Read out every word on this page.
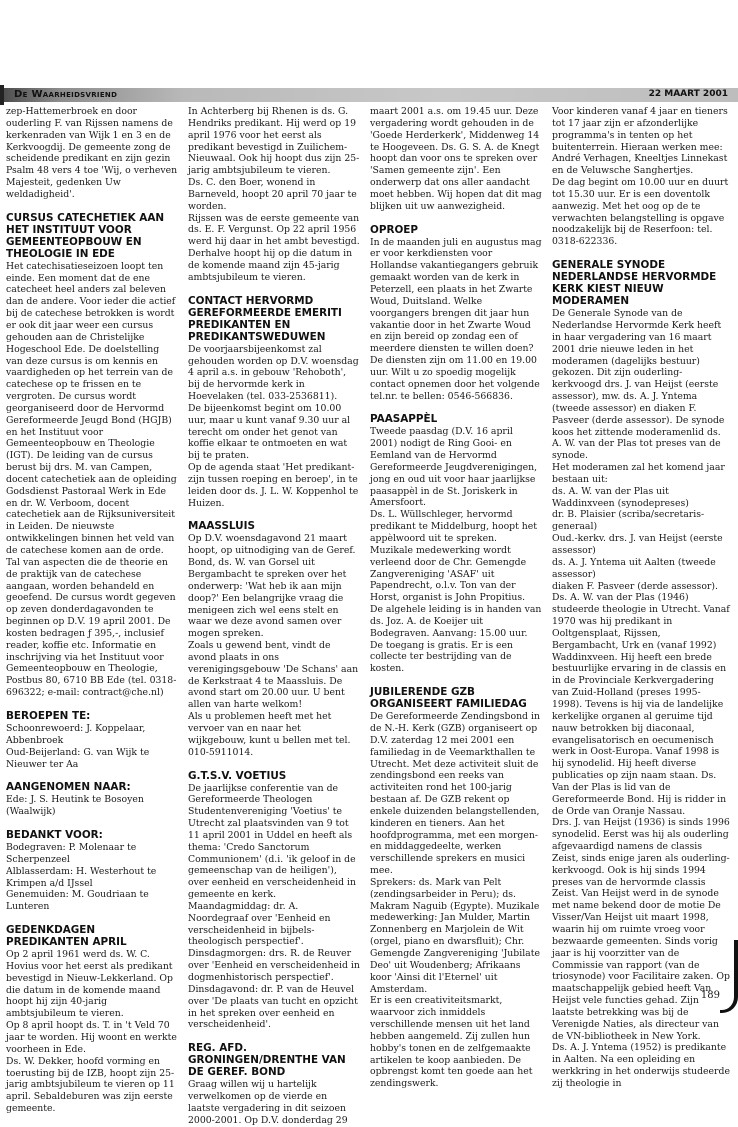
De Waarheidsvriend	22 MAART 2001

zep-Hattemerbroek en door ouderling F. van Rijssen namens de kerkenraden van Wijk 1 en 3 en de Kerkvoogdij. De gemeente zong de scheidende predikant en zijn gezin Psalm 48 vers 4 toe 'Wij, o verheven Majesteit, gedenken Uw weldadigheid'.

CURSUS CATECHETIEK AAN HET INSTITUUT VOOR GEMEENTEOPBOUW EN THEOLOGIE IN EDE

Het catechisatieseizoen loopt ten einde. Een moment dat de ene catecheet heel anders zal beleven dan de andere. Voor ieder die actief bij de catechese betrokken is wordt er ook dit jaar weer een cursus gehouden aan de Christelijke Hogeschool Ede. De doelstelling van deze cursus is om kennis en vaardigheden op het terrein van de catechese op te frissen en te vergroten. De cursus wordt georganiseerd door de Hervormd Gereformeerde Jeugd Bond (HGJB) en het Instituut voor Gemeenteopbouw en Theologie (IGT). De leiding van de cursus berust bij drs. M. van Campen, docent catechetiek aan de opleiding Godsdienst Pastoraal Werk in Ede en dr. W. Verboom, docent catechetiek aan de Rijksuniversiteit in Leiden. De nieuwste ontwikkelingen binnen het veld van de catechese komen aan de orde. Tal van aspecten die de theorie en de praktijk van de catechese aangaan, worden behandeld en geoefend. De cursus wordt gegeven op zeven donderdagavonden te beginnen op D.V. 19 april 2001. De kosten bedragen ƒ 395,-, inclusief reader, koffie etc. Informatie en inschrijving via het Instituut voor Gemeenteopbouw en Theologie, Postbus 80, 6710 BB Ede (tel. 0318-696322; e-mail: contract@che.nl)

BEROEPEN TE:

Schoonrewoerd: J. Koppelaar, Abbenbroek

Oud-Beijerland: G. van Wijk te Nieuwer ter Aa

AANGENOMEN NAAR:

Ede: J. S. Heutink te Bosoyen (Waalwijk)

BEDANKT VOOR:

Bodegraven: P. Molenaar te Scherpenzeel

Alblasserdam: H. Westerhout te Krimpen a/d IJssel

Genemuiden: M. Goudriaan te Lunteren

GEDENKDAGEN PREDIKANTEN APRIL

Op 2 april 1961 werd ds. W. C. Hovius voor het eerst als predikant bevestigd in Nieuw-Lekkerland. Op die datum in de komende maand hoopt hij zijn 40-jarig ambtsjubileum te vieren.

Op 8 april hoopt ds. T. in 't Veld 70 jaar te worden. Hij woont en werkte voorheen in Ede.

Ds. W. Dekker, hoofd vorming en toerusting bij de IZB, hoopt zijn 25-jarig ambtsjubileum te vieren op 11 april. Sebaldeburen was zijn eerste gemeente.

In Achterberg bij Rhenen is ds. G. Hendriks predikant. Hij werd op 19 april 1976 voor het eerst als predikant bevestigd in Zuilichem-Nieuwaal. Ook hij hoopt dus zijn 25-jarig ambtsjubileum te vieren.

Ds. C. den Boer, wonend in Barneveld, hoopt 20 april 70 jaar te worden.

Rijssen was de eerste gemeente van ds. E. F. Vergunst. Op 22 april 1956 werd hij daar in het ambt bevestigd. Derhalve hoopt hij op die datum in de komende maand zijn 45-jarig ambtsjubileum te vieren.

CONTACT HERVORMD GEREFORMEERDE EMERITI PREDIKANTEN EN PREDIKANTSWEDUWEN

De voorjaarsbijeenkomst zal gehouden worden op D.V. woensdag 4 april a.s. in gebouw 'Rehoboth', bij de hervormde kerk in Hoevelaken (tel. 033-2536811).

De bijeenkomst begint om 10.00 uur, maar u kunt vanaf 9.30 uur al terecht om onder het genot van koffie elkaar te ontmoeten en wat bij te praten.

Op de agenda staat 'Het predikant-zijn tussen roeping en beroep', in te leiden door ds. J. L. W. Koppenhol te Huizen.

MAASSLUIS

Op D.V. woensdagavond 21 maart hoopt, op uitnodiging van de Geref. Bond, ds. W. van Gorsel uit Bergambacht te spreken over het onderwerp: 'Wat heb ik aan mijn doop?' Een belangrijke vraag die menigeen zich wel eens stelt en waar we deze avond samen over mogen spreken.

Zoals u gewend bent, vindt de avond plaats in ons verenigingsgebouw 'De Schans' aan de Kerkstraat 4 te Maassluis. De avond start om 20.00 uur. U bent allen van harte welkom!

Als u problemen heeft met het vervoer van en naar het wijkgebouw, kunt u bellen met tel. 010-5911014.

G.T.S.V. VOETIUS

De jaarlijkse conferentie van de Gereformeerde Theologen Studentenvereniging 'Voetius' te Utrecht zal plaatsvinden van 9 tot 11 april 2001 in Uddel en heeft als thema: 'Credo Sanctorum Communionem' (d.i. 'ik geloof in de gemeenschap van de heiligen'), over eenheid en verscheidenheid in gemeente en kerk.

Maandagmiddag: dr. A. Noordegraaf over 'Eenheid en verscheidenheid in bijbels-theologisch perspectief'. Dinsdagmorgen: drs. R. de Reuver over 'Eenheid en verscheidenheid in dogmenhistorisch perspectief'. Dinsdagavond: dr. P. van de Heuvel over 'De plaats van tucht en opzicht in het spreken over eenheid en verscheidenheid'.

REG. AFD. GRONINGEN/DRENTHE VAN DE GEREF. BOND

Graag willen wij u hartelijk verwelkomen op de vierde en laatste vergadering in dit seizoen 2000-2001. Op D.V. donderdag 29

maart 2001 a.s. om 19.45 uur. Deze vergadering wordt gehouden in de 'Goede Herderkerk', Middenweg 14 te Hoogeveen. Ds. G. S. A. de Knegt hoopt dan voor ons te spreken over 'Samen gemeente zijn'. Een onderwerp dat ons aller aandacht moet hebben. Wij hopen dat dit mag blijken uit uw aanwezigheid.

OPROEP

In de maanden juli en augustus mag er voor kerkdiensten voor Hollandse vakantiegangers gebruik gemaakt worden van de kerk in Peterzell, een plaats in het Zwarte Woud, Duitsland. Welke voorgangers brengen dit jaar hun vakantie door in het Zwarte Woud en zijn bereid op zondag een of meerdere diensten te willen doen? De diensten zijn om 11.00 en 19.00 uur. Wilt u zo spoedig mogelijk contact opnemen door het volgende tel.nr. te bellen: 0546-566836.

PAASAPPÈL

Tweede paasdag (D.V. 16 april 2001) nodigt de Ring Gooi- en Eemland van de Hervormd Gereformeerde Jeugdverenigingen, jong en oud uit voor haar jaarlijkse paasappèl in de St. Joriskerk in Amersfoort.

Ds. L. Wüllschleger, hervormd predikant te Middelburg, hoopt het appèlwoord uit te spreken.

Muzikale medewerking wordt verleend door de Chr. Gemengde Zangvereniging 'ASAF' uit Papendrecht, o.l.v. Ton van der Horst, organist is John Propitius.

De algehele leiding is in handen van ds. Joz. A. de Koeijer uit Bodegraven. Aanvang: 15.00 uur.

De toegang is gratis. Er is een collecte ter bestrijding van de kosten.

JUBILERENDE GZB ORGANISEERT FAMILIEDAG

De Gereformeerde Zendingsbond in de N.-H. Kerk (GZB) organiseert op D.V. zaterdag 12 mei 2001 een familiedag in de Veemarkthallen te Utrecht. Met deze activiteit sluit de zendingsbond een reeks van activiteiten rond het 100-jarig bestaan af. De GZB rekent op enkele duizenden belangstellenden, kinderen en tieners. Aan het hoofdprogramma, met een morgen- en middaggedeelte, werken verschillende sprekers en musici mee.

Sprekers: ds. Mark van Pelt (zendingsarbeider in Peru); ds. Makram Naguib (Egypte). Muzikale medewerking: Jan Mulder, Martin Zonnenberg en Marjolein de Wit (orgel, piano en dwarsfluit); Chr. Gemengde Zangvereniging 'Jubilate Deo' uit Woudenberg; Afrikaans koor 'Ainsi dit l'Eternel' uit Amsterdam.

Er is een creativiteitsmarkt, waarvoor zich inmiddels verschillende mensen uit het land hebben aangemeld. Zij zullen hun hobby's tonen en de zelfgemaakte artikelen te koop aanbieden. De opbrengst komt ten goede aan het zendingswerk.

Voor kinderen vanaf 4 jaar en tieners tot 17 jaar zijn er afzonderlijke programma's in tenten op het buitenterrein. Hieraan werken mee: André Verhagen, Kneeltjes Linnekast en de Veluwsche Sanghertjes.

De dag begint om 10.00 uur en duurt tot 15.30 uur. Er is een doventolk aanwezig. Met het oog op de te verwachten belangstelling is opgave noodzakelijk bij de Reserfoon: tel. 0318-622336.

GENERALE SYNODE NEDERLANDSE HERVORMDE KERK KIEST NIEUW MODERAMEN

De Generale Synode van de Nederlandse Hervormde Kerk heeft in haar vergadering van 16 maart 2001 drie nieuwe leden in het moderamen (dagelijks bestuur) gekozen. Dit zijn ouderling-kerkvoogd drs. J. van Heijst (eerste assessor), mw. ds. A. J. Yntema (tweede assessor) en diaken F. Pasveer (derde assessor). De synode koos het zittende moderamenlid ds. A. W. van der Plas tot preses van de synode.

Het moderamen zal het komend jaar bestaan uit:

ds. A. W. van der Plas uit Waddinxveen (synodepreses)

dr. B. Plaisier (scriba/secretaris-generaal)

Oud.-kerkv. drs. J. van Heijst (eerste assessor)

ds. A. J. Yntema uit Aalten (tweede assessor)

diaken F. Pasveer (derde assessor).

Ds. A. W. van der Plas (1946) studeerde theologie in Utrecht. Vanaf 1970 was hij predikant in Ooltgensplaat, Rijssen, Bergambacht, Urk en (vanaf 1992) Waddinxveen. Hij heeft een brede bestuurlijke ervaring in de classis en in de Provinciale Kerkvergadering van Zuid-Holland (preses 1995-1998). Tevens is hij via de landelijke kerkelijke organen al geruime tijd nauw betrokken bij diaconaal, evangelisatorisch en oecumenisch werk in Oost-Europa. Vanaf 1998 is hij synodelid. Hij heeft diverse publicaties op zijn naam staan. Ds. Van der Plas is lid van de Gereformeerde Bond. Hij is ridder in de Orde van Oranje Nassau.

Drs. J. van Heijst (1936) is sinds 1996 synodelid. Eerst was hij als ouderling afgevaardigd namens de classis Zeist, sinds enige jaren als ouderling-kerkvoogd. Ook is hij sinds 1994 preses van de hervormde classis Zeist. Van Heijst werd in de synode met name bekend door de motie De Visser/Van Heijst uit maart 1998, waarin hij om ruimte vroeg voor bezwaarde gemeenten. Sinds vorig jaar is hij voorzitter van de Commissie van rapport (van de triosynode) voor Facilitaire zaken. Op maatschappelijk gebied heeft Van Heijst vele functies gehad. Zijn laatste betrekking was bij de Verenigde Naties, als directeur van de VN-bibliotheek in New York.

Ds. A. J. Yntema (1952) is predikante in Aalten. Na een opleiding en werkkring in het onderwijs studeerde zij theologie in

189
